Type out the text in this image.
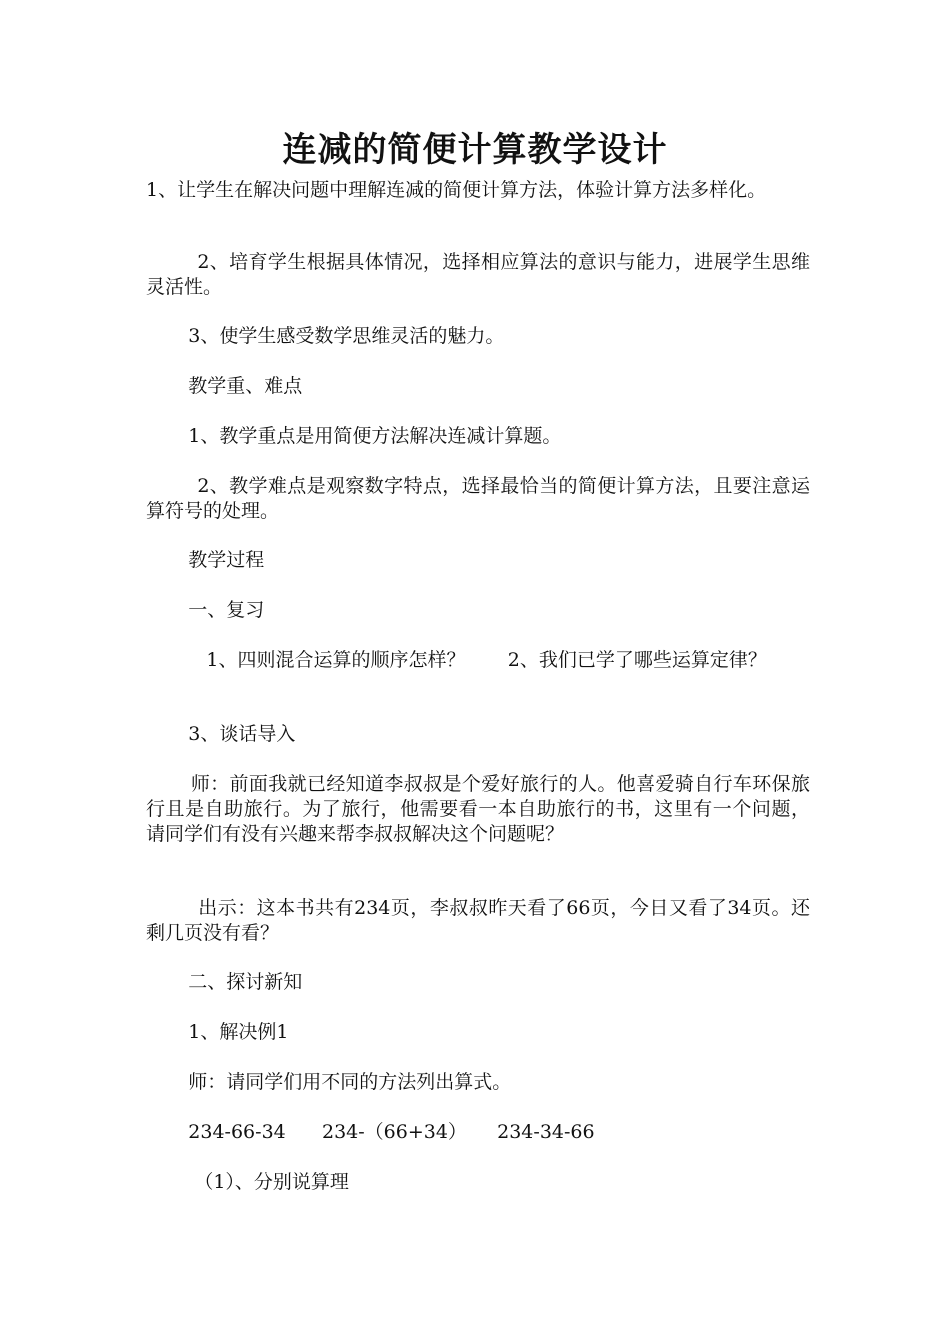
连减的简便计算教学设计
1、让学生在解决问题中理解连减的简便计算方法，体验计算方法多样化。
2、培育学生根据具体情况，选择相应算法的意识与能力，进展学生思维灵活性。
3、使学生感受数学思维灵活的魅力。
教学重、难点
1、教学重点是用简便方法解决连减计算题。
2、教学难点是观察数字特点，选择最恰当的简便计算方法，且要注意运算符号的处理。
教学过程
一、复习
1、四则混合运算的顺序怎样？       2、我们已学了哪些运算定律？
3、谈话导入
师：前面我就已经知道李叔叔是个爱好旅行的人。他喜爱骑自行车环保旅行且是自助旅行。为了旅行，他需要看一本自助旅行的书，这里有一个问题，请同学们有没有兴趣来帮李叔叔解决这个问题呢？
出示：这本书共有234页，李叔叔昨天看了66页，今日又看了34页。还剩几页没有看？
二、探讨新知
1、解决例1
师：请同学们用不同的方法列出算式。
234-66-34      234-（66+34）     234-34-66
（1）、分别说算理
